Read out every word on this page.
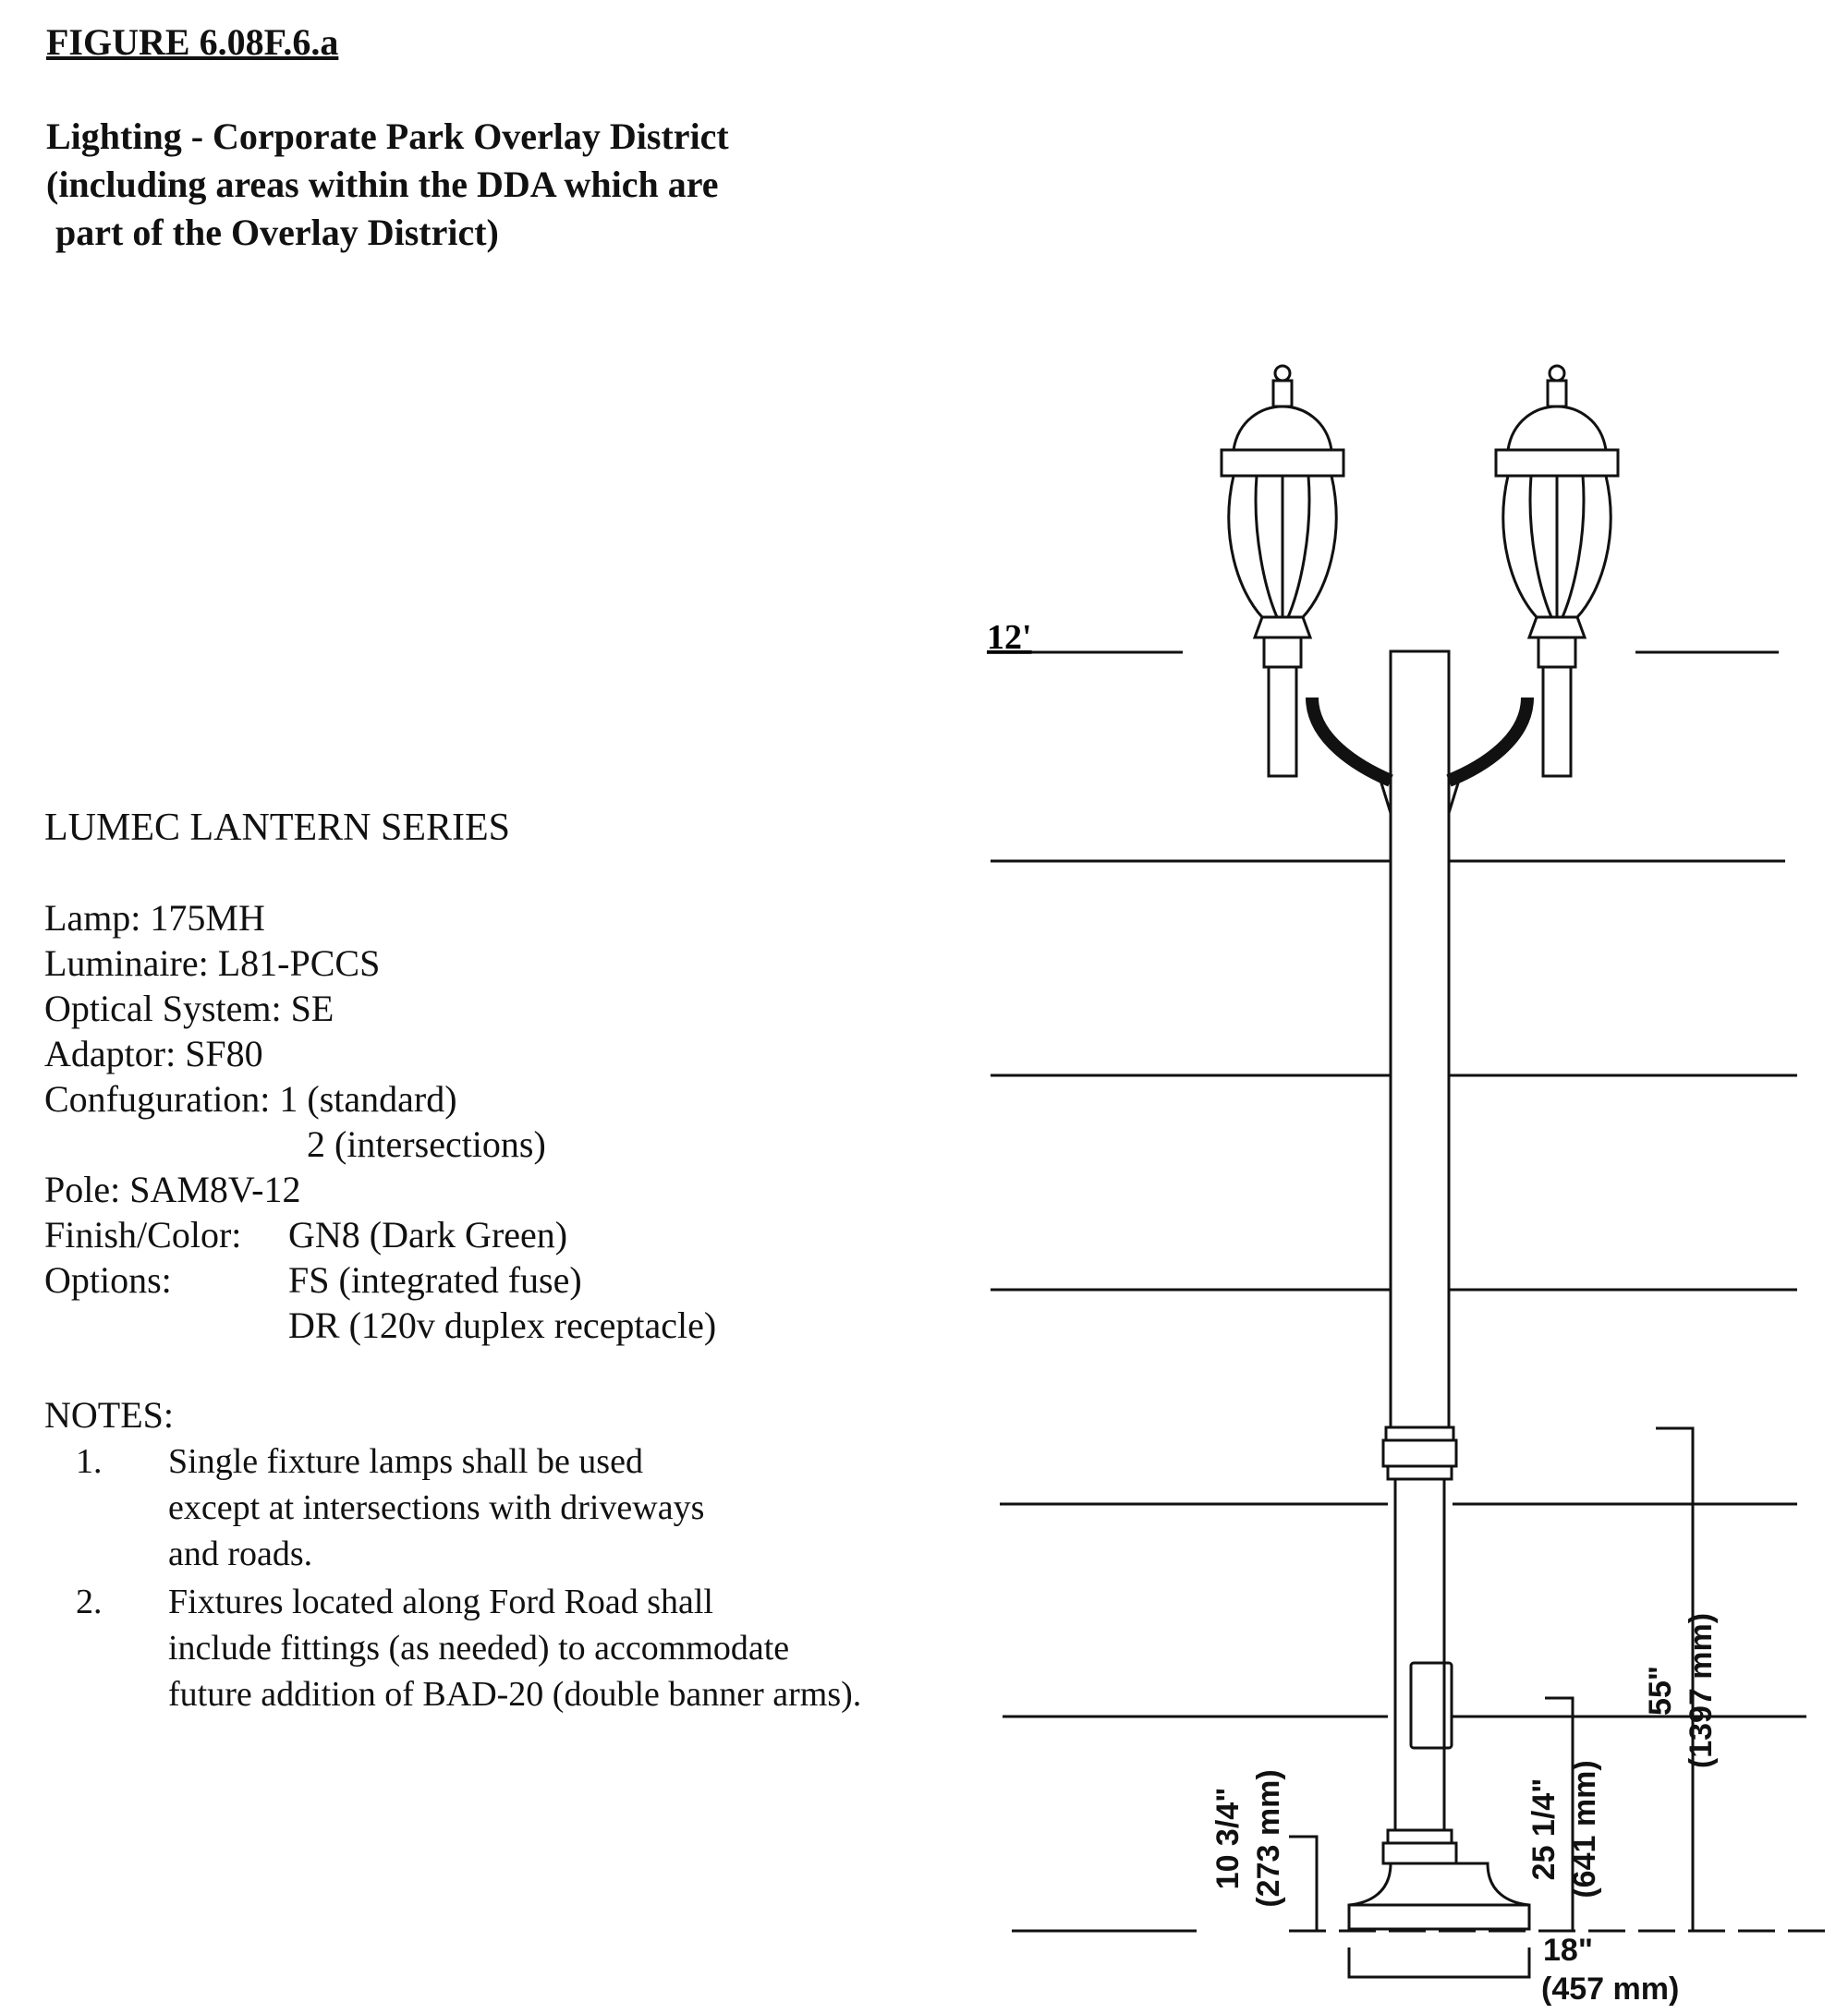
FIGURE 6.08F.6.a
Lighting - Corporate Park Overlay District
(including areas within the DDA which are
part of the Overlay District)
LUMEC LANTERN SERIES
Lamp: 175MH
Luminaire: L81-PCCS
Optical System: SE
Adaptor: SF80
Confuguration: 1 (standard)
2 (intersections)
Pole: SAM8V-12
Finish/Color: GN8 (Dark Green)
Options:	FS (integrated fuse)
DR (120v duplex receptacle)
NOTES:
1. Single fixture lamps shall be used
except at intersections with driveways
and roads.
2. Fixtures located along Ford Road shall
include fittings (as needed) to accommodate
future addition of BAD-20 (double banner arms).
12'
55" (1397 mm)
25 1/4" (641 mm)
10 3/4" (273 mm)
18"
(457 mm)
